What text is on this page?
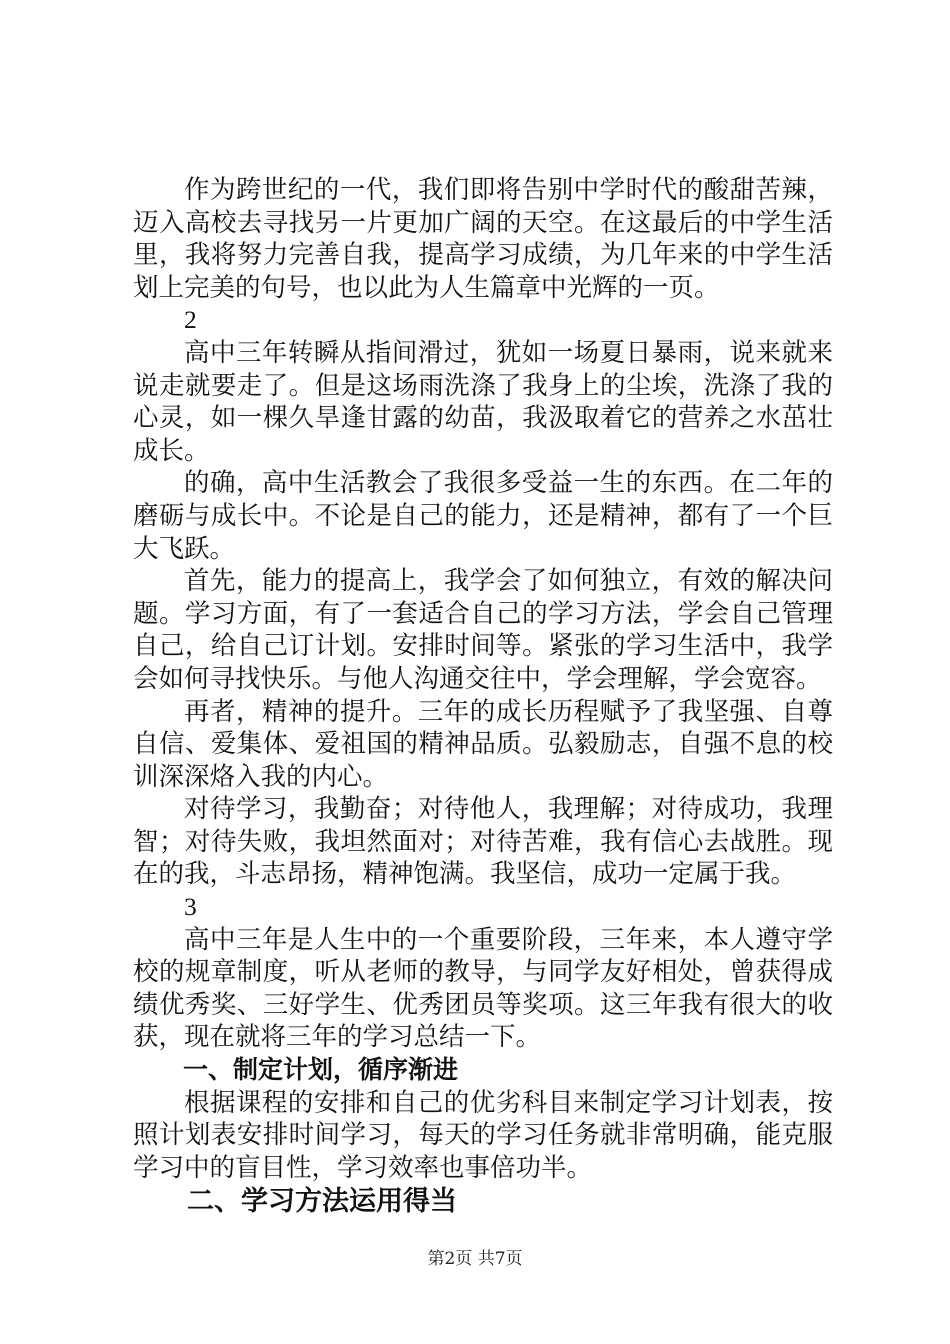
作为跨世纪的一代，我们即将告别中学时代的酸甜苦辣，迈入高校去寻找另一片更加广阔的天空。在这最后的中学生活里，我将努力完善自我，提高学习成绩，为几年来的中学生活划上完美的句号，也以此为人生篇章中光辉的一页。

2

高中三年转瞬从指间滑过，犹如一场夏日暴雨，说来就来说走就要走了。但是这场雨洗涤了我身上的尘埃，洗涤了我的心灵，如一棵久旱逢甘露的幼苗，我汲取着它的营养之水茁壮成长。

的确，高中生活教会了我很多受益一生的东西。在二年的磨砺与成长中。不论是自己的能力，还是精神，都有了一个巨大飞跃。

首先，能力的提高上，我学会了如何独立，有效的解决问题。学习方面，有了一套适合自己的学习方法，学会自己管理自己，给自己订计划。安排时间等。紧张的学习生活中，我学会如何寻找快乐。与他人沟通交往中，学会理解，学会宽容。

再者，精神的提升。三年的成长历程赋予了我坚强、自尊自信、爱集体、爱祖国的精神品质。弘毅励志，自强不息的校训深深烙入我的内心。

对待学习，我勤奋；对待他人，我理解；对待成功，我理智；对待失败，我坦然面对；对待苦难，我有信心去战胜。现在的我，斗志昂扬，精神饱满。我坚信，成功一定属于我。

3

高中三年是人生中的一个重要阶段，三年来，本人遵守学校的规章制度，听从老师的教导，与同学友好相处，曾获得成绩优秀奖、三好学生、优秀团员等奖项。这三年我有很大的收获，现在就将三年的学习总结一下。

一、制定计划，循序渐进

根据课程的安排和自己的优劣科目来制定学习计划表，按照计划表安排时间学习，每天的学习任务就非常明确，能克服学习中的盲目性，学习效率也事倍功半。

二、学习方法运用得当

第2页 共7页
